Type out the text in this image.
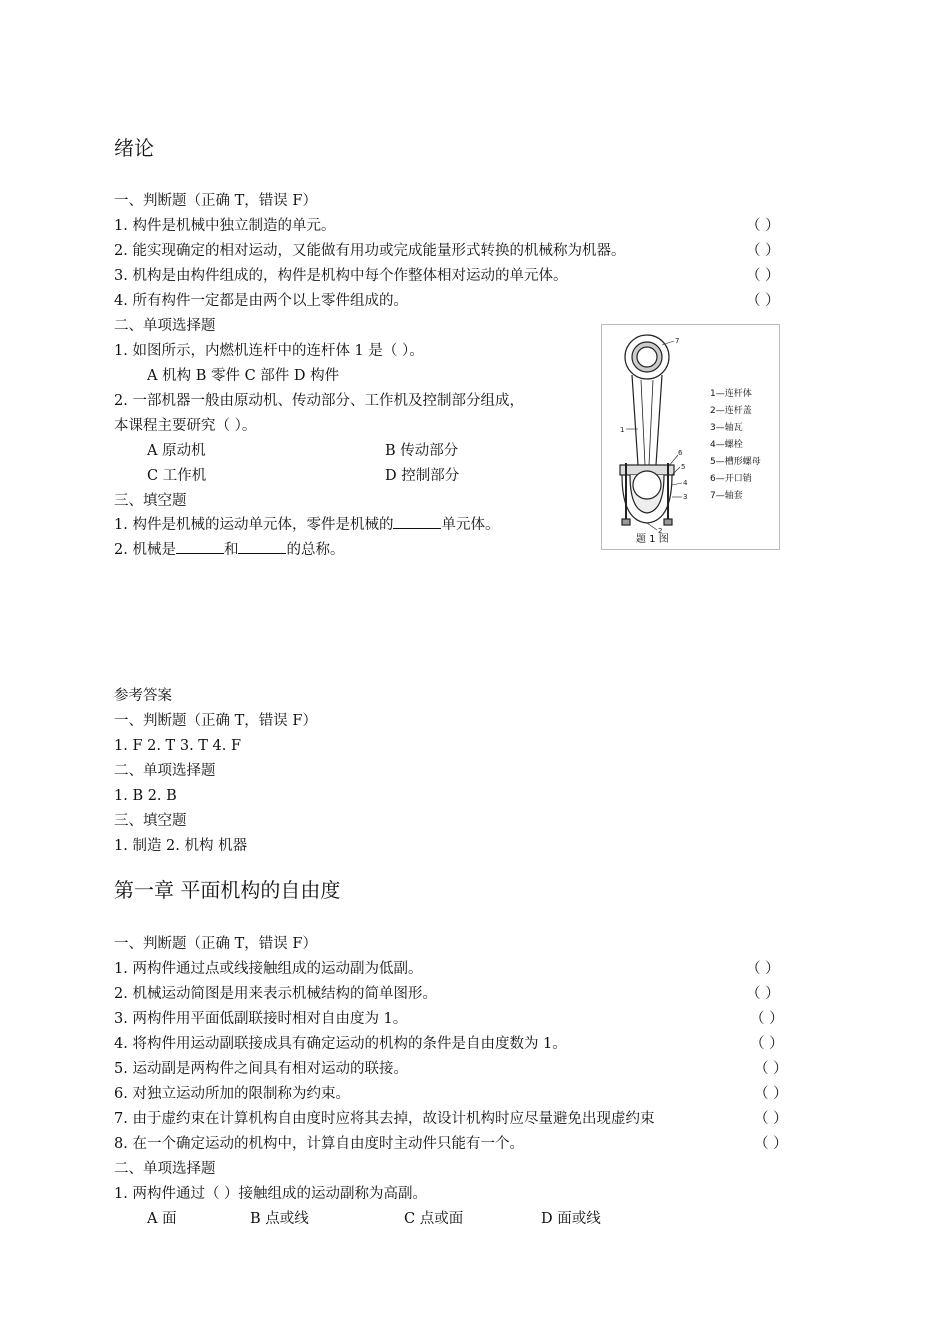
绪论
一、判断题（正确 T，错误 F）
1. 构件是机械中独立制造的单元。	（ ）
2. 能实现确定的相对运动，又能做有用功或完成能量形式转换的机械称为机器。	（ ）
3. 机构是由构件组成的，构件是机构中每个作整体相对运动的单元体。	（ ）
4. 所有构件一定都是由两个以上零件组成的。	（ ）
二、单项选择题
1. 如图所示，内燃机连杆中的连杆体 1 是（ ）。
A 机构 B 零件 C 部件 D 构件
2. 一部机器一般由原动机、传动部分、工作机及控制部分组成，
本课程主要研究（ ）。
A 原动机	B 传动部分
C 工作机	D 控制部分
三、填空题
1. 构件是机械的运动单元体，零件是机械的	单元体。
2. 机械是	和	的总称。
7
1
6
5
4
3
2
1—连杆体
2—连杆盖
3—轴瓦
4—螺栓
5—槽形螺母
6—开口销
7—轴套
题 1 图
参考答案
一、判断题（正确 T，错误 F）
1. F 2. T 3. T 4. F
二、单项选择题
1. B 2. B
三、填空题
1. 制造 2. 机构 机器
第一章 平面机构的自由度
一、判断题（正确 T，错误 F）
1. 两构件通过点或线接触组成的运动副为低副。	（ ）
2. 机械运动简图是用来表示机械结构的简单图形。	（ ）
3. 两构件用平面低副联接时相对自由度为 1。	（ ）
4. 将构件用运动副联接成具有确定运动的机构的条件是自由度数为 1。	（ ）
5. 运动副是两构件之间具有相对运动的联接。	（ ）
6. 对独立运动所加的限制称为约束。	（ ）
7. 由于虚约束在计算机构自由度时应将其去掉，故设计机构时应尽量避免出现虚约束	（ ）
8. 在一个确定运动的机构中，计算自由度时主动件只能有一个。	（ ）
二、单项选择题
1. 两构件通过（ ）接触组成的运动副称为高副。
A 面	B 点或线	C 点或面	D 面或线
